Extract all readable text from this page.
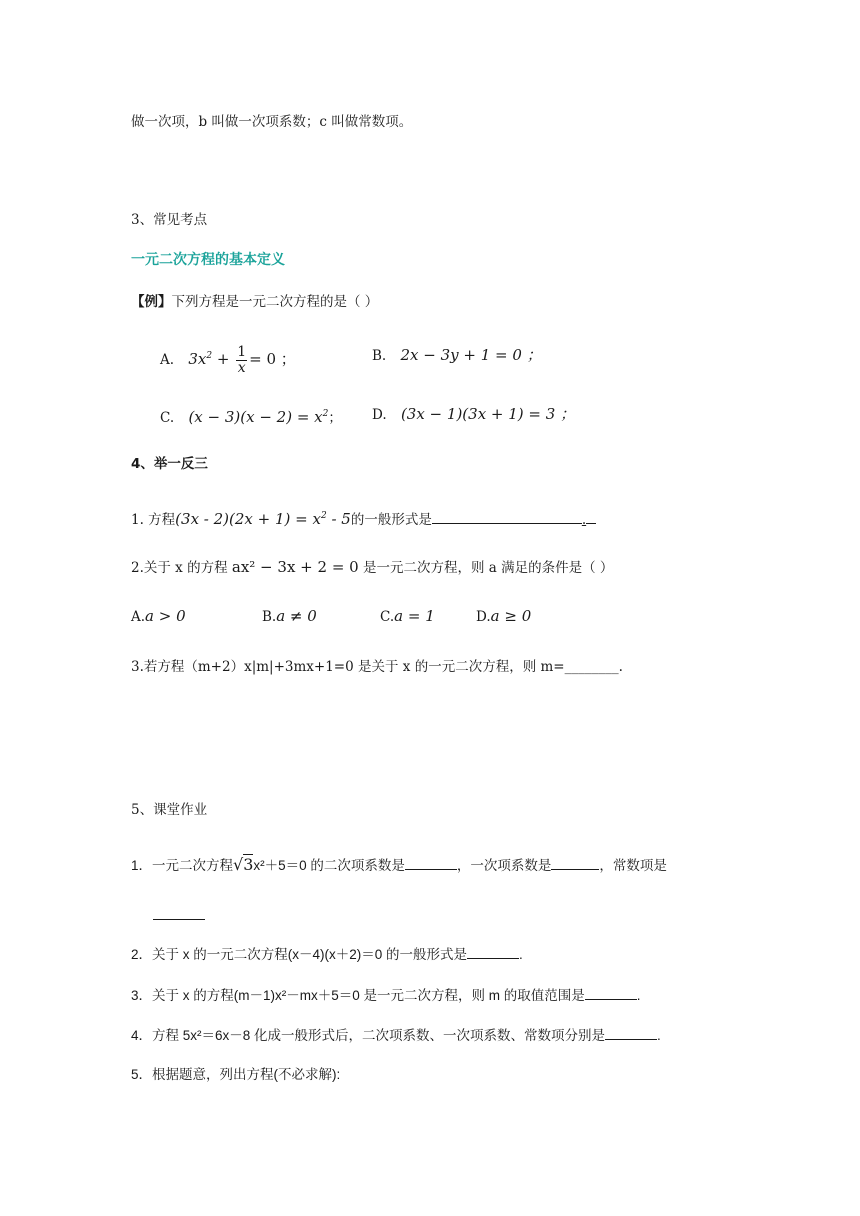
做一次项，b 叫做一次项系数；c 叫做常数项。
3、常见考点
一元二次方程的基本定义
【例】下列方程是一元二次方程的是（ ）
A. $3x^2 + \frac{1}{x} = 0$ ；	B. 2x − 3y + 1 = 0 ；
C. $(x - 3)(x - 2) = x^2$； D. (3x − 1)(3x + 1) = 3 ；
4、举一反三
1. 方程$(3x - 2)(2x + 1) = x^2 - 5$的一般形式是	.
2.关于 x 的方程 ax² − 3x + 2 = 0 是一元二次方程，则 a 满足的条件是（ ）
A.a > 0	B.a ≠ 0	C.a = 1	D.a ≥ 0
3.若方程（m+2）x|m|+3mx+1=0 是关于 x 的一元二次方程，则 m=________.
5、课堂作业
1．一元二次方程√3x²＋5＝0 的二次项系数是	，一次项系数是	，常数项是
2．关于 x 的一元二次方程(x－4)(x＋2)＝0 的一般形式是	.
3．关于 x 的方程(m－1)x²－mx＋5＝0 是一元二次方程，则 m 的取值范围是	.
4．方程 5x²＝6x－8 化成一般形式后，二次项系数、一次项系数、常数项分别是	.
5．根据题意，列出方程(不必求解):
